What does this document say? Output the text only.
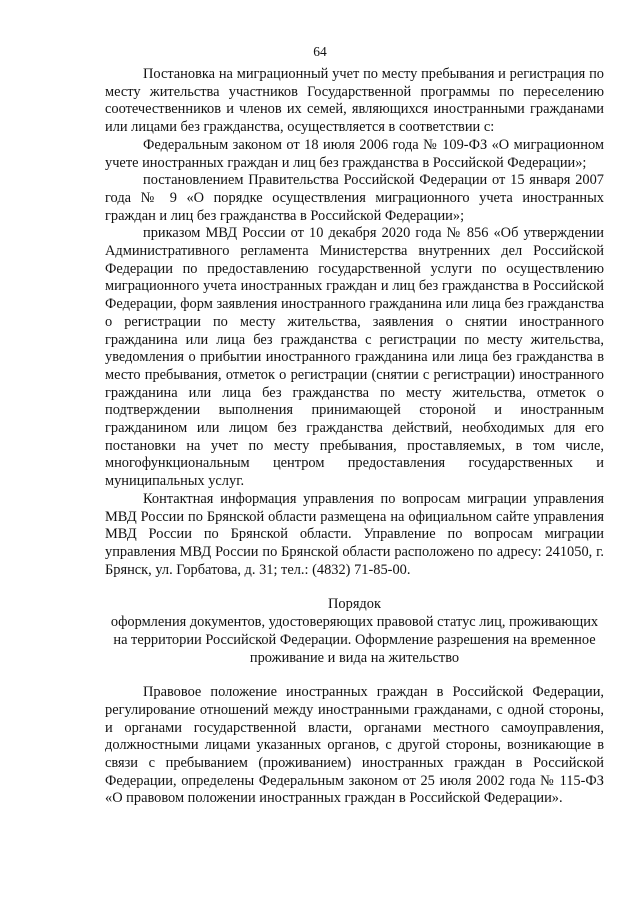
64

Постановка на миграционный учет по месту пребывания и регистрация по месту жительства участников Государственной программы по переселению соотечественников и членов их семей, являющихся иностранными гражданами или лицами без гражданства, осуществляется в соответствии с:

Федеральным законом от 18 июля 2006 года № 109-ФЗ «О миграционном учете иностранных граждан и лиц без гражданства в Российской Федерации»;

постановлением Правительства Российской Федерации от 15 января 2007 года № 9 «О порядке осуществления миграционного учета иностранных граждан и лиц без гражданства в Российской Федерации»;

приказом МВД России от 10 декабря 2020 года № 856 «Об утверждении Административного регламента Министерства внутренних дел Российской Федерации по предоставлению государственной услуги по осуществлению миграционного учета иностранных граждан и лиц без гражданства в Российской Федерации, форм заявления иностранного гражданина или лица без гражданства о регистрации по месту жительства, заявления о снятии иностранного гражданина или лица без гражданства с регистрации по месту жительства, уведомления о прибытии иностранного гражданина или лица без гражданства в место пребывания, отметок о регистрации (снятии с регистрации) иностранного гражданина или лица без гражданства по месту жительства, отметок о подтверждении выполнения принимающей стороной и иностранным гражданином или лицом без гражданства действий, необходимых для его постановки на учет по месту пребывания, проставляемых, в том числе, многофункциональным центром предоставления государственных и муниципальных услуг.

Контактная информация управления по вопросам миграции управления МВД России по Брянской области размещена на официальном сайте управления МВД России по Брянской области. Управление по вопросам миграции управления МВД России по Брянской области расположено по адресу: 241050, г. Брянск, ул. Горбатова, д. 31; тел.: (4832) 71-85-00.

Порядок
оформления документов, удостоверяющих правовой статус лиц, проживающих на территории Российской Федерации. Оформление разрешения на временное проживание и вида на жительство

Правовое положение иностранных граждан в Российской Федерации, регулирование отношений между иностранными гражданами, с одной стороны, и органами государственной власти, органами местного самоуправления, должностными лицами указанных органов, с другой стороны, возникающие в связи с пребыванием (проживанием) иностранных граждан в Российской Федерации, определены Федеральным законом от 25 июля 2002 года № 115-ФЗ «О правовом положении иностранных граждан в Российской Федерации».
